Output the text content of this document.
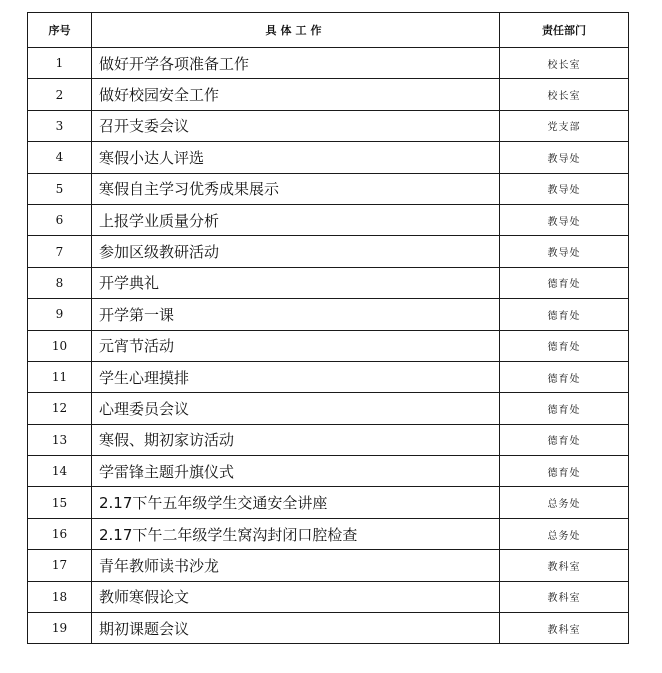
序号	具体工作	责任部门
1	做好开学各项准备工作	校长室
2	做好校园安全工作	校长室
3	召开支委会议	党支部
4	寒假小达人评选	教导处
5	寒假自主学习优秀成果展示	教导处
6	上报学业质量分析	教导处
7	参加区级教研活动	教导处
8	开学典礼	德育处
9	开学第一课	德育处
10	元宵节活动	德育处
11	学生心理摸排	德育处
12	心理委员会议	德育处
13	寒假、期初家访活动	德育处
14	学雷锋主题升旗仪式	德育处
15	2.17下午五年级学生交通安全讲座	总务处
16	2.17下午二年级学生窝沟封闭口腔检查	总务处
17	青年教师读书沙龙	教科室
18	教师寒假论文	教科室
19	期初课题会议	教科室
